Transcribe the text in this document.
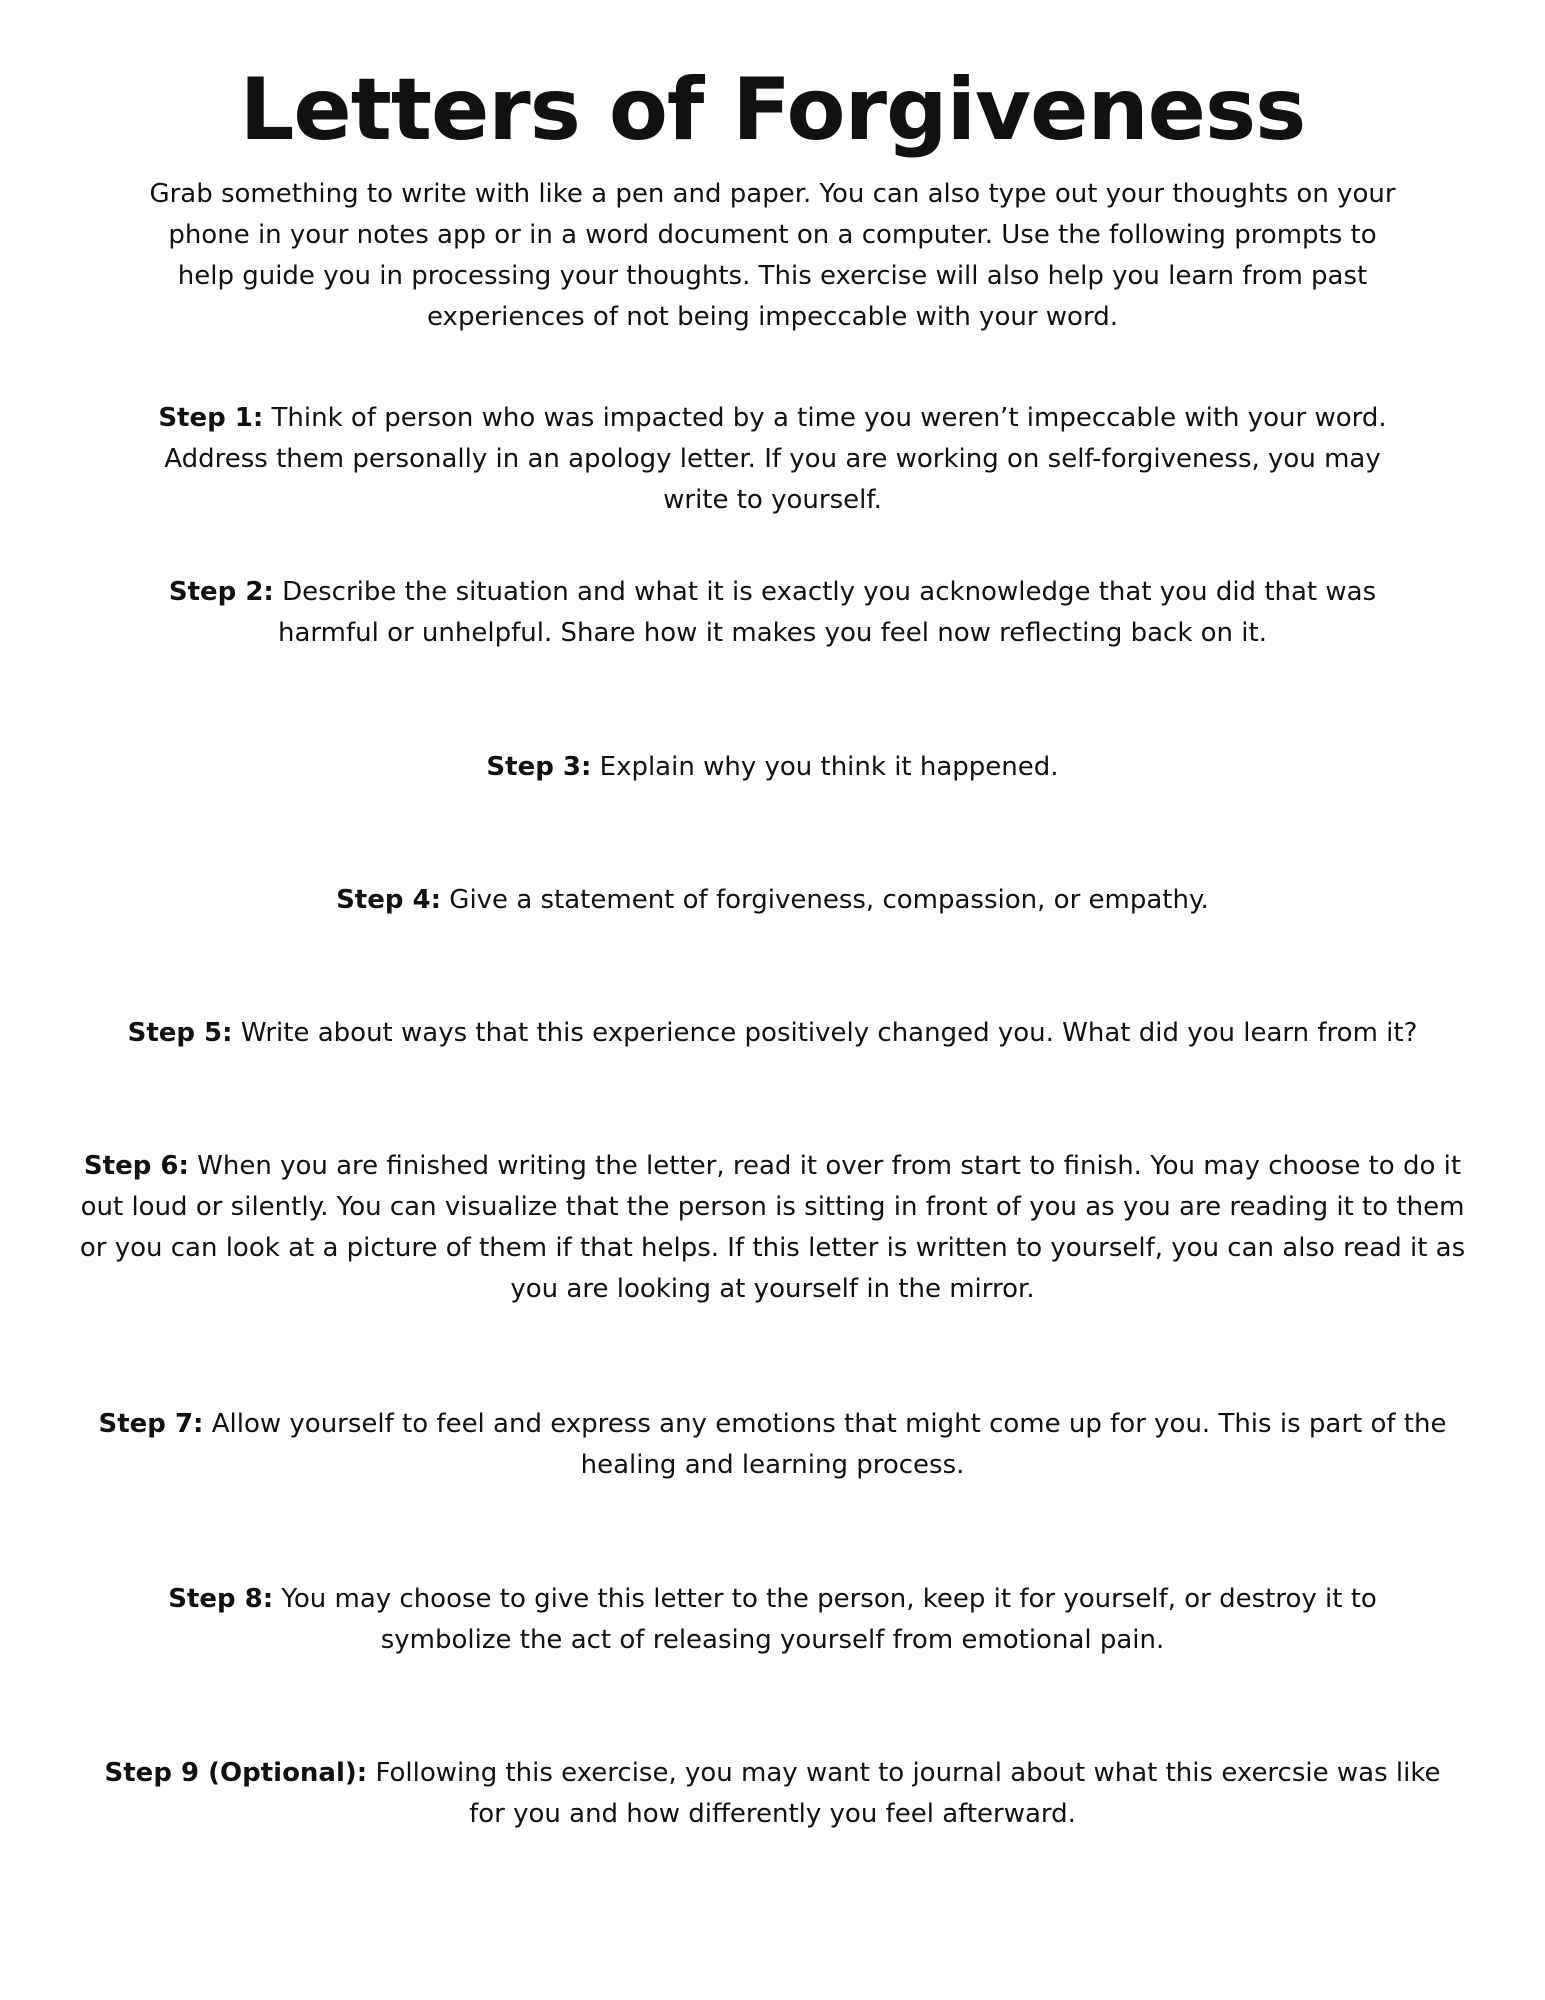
Letters of Forgiveness

Grab something to write with like a pen and paper. You can also type out your thoughts on your phone in your notes app or in a word document on a computer. Use the following prompts to help guide you in processing your thoughts. This exercise will also help you learn from past experiences of not being impeccable with your word.

Step 1: Think of person who was impacted by a time you weren’t impeccable with your word. Address them personally in an apology letter. If you are working on self-forgiveness, you may write to yourself.

Step 2: Describe the situation and what it is exactly you acknowledge that you did that was harmful or unhelpful. Share how it makes you feel now reflecting back on it.

Step 3: Explain why you think it happened.

Step 4: Give a statement of forgiveness, compassion, or empathy.

Step 5: Write about ways that this experience positively changed you. What did you learn from it?

Step 6: When you are finished writing the letter, read it over from start to finish. You may choose to do it out loud or silently. You can visualize that the person is sitting in front of you as you are reading it to them or you can look at a picture of them if that helps. If this letter is written to yourself, you can also read it as you are looking at yourself in the mirror.

Step 7: Allow yourself to feel and express any emotions that might come up for you. This is part of the healing and learning process.

Step 8: You may choose to give this letter to the person, keep it for yourself, or destroy it to symbolize the act of releasing yourself from emotional pain.

Step 9 (Optional): Following this exercise, you may want to journal about what this exercsie was like for you and how differently you feel afterward.
